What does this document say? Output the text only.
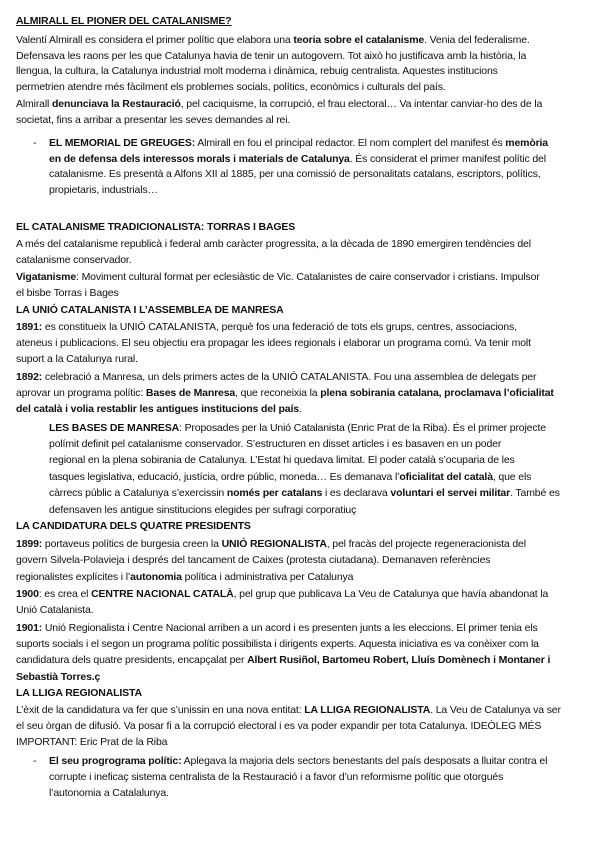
ALMIRALL EL PIONER DEL CATALANISME?
Valentí Almirall es considera el primer polític que elabora una teoria sobre el catalanisme. Venia del federalisme.
Defensava les raons per les que Catalunya havia de tenir un autogovern. Tot això ho justificava amb la història, la
llengua, la cultura, la Catalunya industrial molt moderna i dinàmica, rebuig centralista. Aquestes institucions
permetrien atendre més fàcilment els problemes socials, polítics, econòmics i culturals del país.
Almirall denunciava la Restauració, pel caciquisme, la corrupció, el frau electoral… Va intentar canviar-ho des de la
societat, fins a arribar a presentar les seves demandes al rei.
- EL MEMORIAL DE GREUGES: Almirall en fou el principal redactor. El nom complert del manifest és memòria
en de defensa dels interessos morals i materials de Catalunya. És considerat el primer manifest polític del
catalanisme. Es presentà a Alfons XII al 1885, per una comissió de personalitats catalans, escriptors, polítics,
propietaris, industrials…
EL CATALANISME TRADICIONALISTA: TORRAS I BAGES
A més del catalanisme republicà i federal amb caràcter progressita, a la dècada de 1890 emergiren tendències del
catalanisme conservador.
Vigatanisme: Moviment cultural format per eclesiàstic de Vic. Catalanistes de caire conservador i cristians. Impulsor
el bisbe Torras i Bages
LA UNIÓ CATALANISTA I L’ASSEMBLEA DE MANRESA
1891: es constitueix la UNIÓ CATALANISTA, perquè fos una federació de tots els grups, centres, associacions,
ateneus i publicacions. El seu objectiu era propagar les idees regionals i elaborar un programa comú. Va tenir molt
suport a la Catalunya rural.
1892: celebració a Manresa, un dels primers actes de la UNIÓ CATALANISTA. Fou una assemblea de delegats per
aprovar un programa polític: Bases de Manresa, que reconeixia la plena sobirania catalana, proclamava l’oficialitat
del català i volia restablir les antigues institucions del país.
LES BASES DE MANRESA: Proposades per la Unió Catalanista (Enric Prat de la Riba). És el primer projecte
polímit definit pel catalanisme conservador. S’estructuren en disset articles i es basaven en un poder
regional en la plena sobirania de Catalunya. L’Estat hi quedava limitat. El poder català s’ocuparia de les
tasques legislativa, educació, justícia, ordre públic, moneda… Es demanava l’oficialitat del català, que els
càrrecs públic a Catalunya s’exercissin només per catalans i es declarava voluntari el servei militar. També es
defensaven les antigue sinstitucions elegides per sufragi corporatiuç
LA CANDIDATURA DELS QUATRE PRESIDENTS
1899: portaveus polítics de burgesia creen la UNIÓ REGIONALISTA, pel fracàs del projecte regeneracionista del
govern Silvela-Polavieja i després del tancament de Caixes (protesta ciutadana). Demanaven referències
regionalistes explícites i l’autonomia política i administrativa per Catalunya
1900: es crea el CENTRE NACIONAL CATALÀ, pel grup que publicava La Veu de Catalunya que havía abandonat la
Unió Catalanista.
1901: Unió Regionalista i Centre Nacional arriben a un acord i es presenten junts a les eleccions. El primer tenia els
suports socials i el segon un programa polític possibilista i dirigents experts. Aquesta iniciativa es va conèixer com la
candidatura dels quatre presidents, encapçalat per Albert Rusiñol, Bartomeu Robert, Lluís Domènech i Montaner i
Sebastià Torres.ç
LA LLIGA REGIONALISTA
L’èxit de la candidatura va fer que s’unissin en una nova entitat: LA LLIGA REGIONALISTA. La Veu de Catalunya va ser
el seu òrgan de difusió. Va posar fi a la corrupció electoral i es va poder expandir per tota Catalunya. IDEÒLEG MÉS
IMPORTANT: Eric Prat de la Riba
- El seu progrograma polític: Aplegava la majoria dels sectors benestants del país desposats a lluitar contra el
corrupte i ineficaç sistema centralista de la Restauració i a favor d’un reformisme polític que otorgués
l’autonomia a Catalalunya.
